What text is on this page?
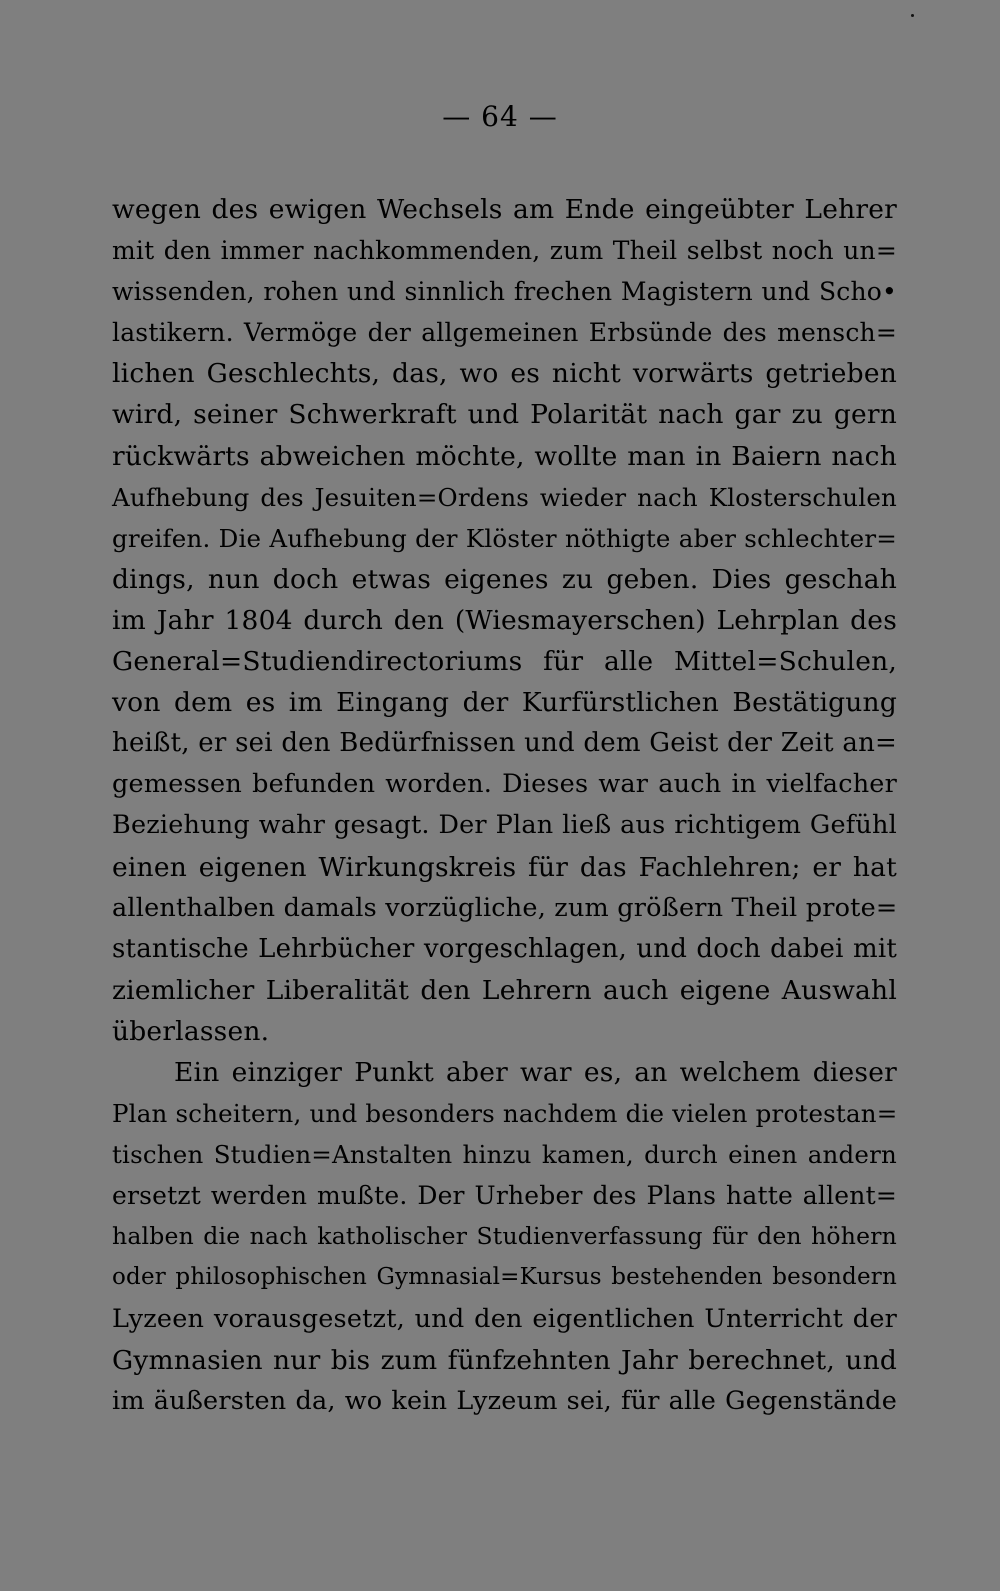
— 64 —
wegen des ewigen Wechsels am Ende eingeübter Lehrer
mit den immer nachkommenden, zum Theil selbst noch un=
wissenden, rohen und sinnlich frechen Magistern und Scho•
lastikern. Vermöge der allgemeinen Erbsünde des mensch=
lichen Geschlechts, das, wo es nicht vorwärts getrieben
wird, seiner Schwerkraft und Polarität nach gar zu gern
rückwärts abweichen möchte, wollte man in Baiern nach
Aufhebung des Jesuiten=Ordens wieder nach Klosterschulen
greifen. Die Aufhebung der Klöster nöthigte aber schlechter=
dings, nun doch etwas eigenes zu geben. Dies geschah
im Jahr 1804 durch den (Wiesmayerschen) Lehrplan des
General=Studiendirectoriums für alle Mittel=Schulen,
von dem es im Eingang der Kurfürstlichen Bestätigung
heißt, er sei den Bedürfnissen und dem Geist der Zeit an=
gemessen befunden worden. Dieses war auch in vielfacher
Beziehung wahr gesagt. Der Plan ließ aus richtigem Gefühl
einen eigenen Wirkungskreis für das Fachlehren; er hat
allenthalben damals vorzügliche, zum größern Theil prote=
stantische Lehrbücher vorgeschlagen, und doch dabei mit
ziemlicher Liberalität den Lehrern auch eigene Auswahl
überlassen.
Ein einziger Punkt aber war es, an welchem dieser
Plan scheitern, und besonders nachdem die vielen protestan=
tischen Studien=Anstalten hinzu kamen, durch einen andern
ersetzt werden mußte. Der Urheber des Plans hatte allent=
halben die nach katholischer Studienverfassung für den höhern
oder philosophischen Gymnasial=Kursus bestehenden besondern
Lyzeen vorausgesetzt, und den eigentlichen Unterricht der
Gymnasien nur bis zum fünfzehnten Jahr berechnet, und
im äußersten da, wo kein Lyzeum sei, für alle Gegenstände
